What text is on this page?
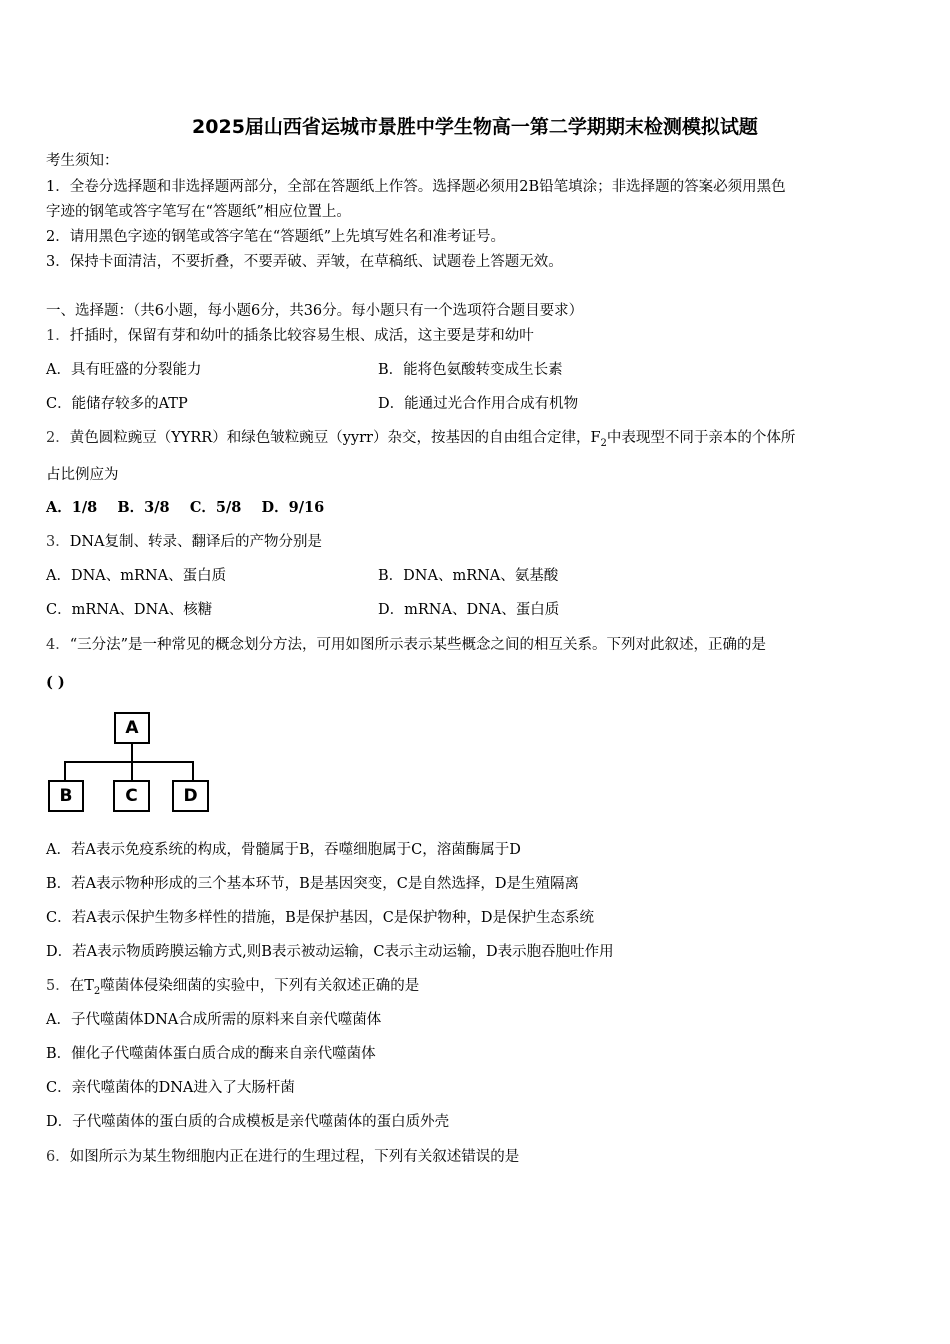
2025届山西省运城市景胜中学生物高一第二学期期末检测模拟试题
考生须知：
1．全卷分选择题和非选择题两部分，全部在答题纸上作答。选择题必须用2B铅笔填涂；非选择题的答案必须用黑色
字迹的钢笔或答字笔写在“答题纸”相应位置上。
2．请用黑色字迹的钢笔或答字笔在“答题纸”上先填写姓名和准考证号。
3．保持卡面清洁，不要折叠，不要弄破、弄皱，在草稿纸、试题卷上答题无效。
一、选择题：（共6小题，每小题6分，共36分。每小题只有一个选项符合题目要求）
1．扦插时，保留有芽和幼叶的插条比较容易生根、成活，这主要是芽和幼叶
A．具有旺盛的分裂能力	B．能将色氨酸转变成生长素
C．能储存较多的ATP	D．能通过光合作用合成有机物
2．黄色圆粒豌豆（YYRR）和绿色皱粒豌豆（yyrr）杂交，按基因的自由组合定律，$F_2$中表现型不同于亲本的个体所
占比例应为
A．1/8    B．3/8    C．5/8    D．9/16
3．DNA复制、转录、翻译后的产物分别是
A．DNA、mRNA、蛋白质	B．DNA、mRNA、氨基酸
C．mRNA、DNA、核糖	D．mRNA、DNA、蛋白质
4．“三分法”是一种常见的概念划分方法，可用如图所示表示某些概念之间的相互关系。下列对此叙述，正确的是
( )
A
B	C	D
A．若A表示免疫系统的构成，骨髓属于B，吞噬细胞属于C，溶菌酶属于D
B．若A表示物种形成的三个基本环节，B是基因突变，C是自然选择，D是生殖隔离
C．若A表示保护生物多样性的措施，B是保护基因，C是保护物种，D是保护生态系统
D．若A表示物质跨膜运输方式,则B表示被动运输，C表示主动运输，D表示胞吞胞吐作用
5．在$T_2$噬菌体侵染细菌的实验中，下列有关叙述正确的是
A．子代噬菌体DNA合成所需的原料来自亲代噬菌体
B．催化子代噬菌体蛋白质合成的酶来自亲代噬菌体
C．亲代噬菌体的DNA进入了大肠杆菌
D．子代噬菌体的蛋白质的合成模板是亲代噬菌体的蛋白质外壳
6．如图所示为某生物细胞内正在进行的生理过程，下列有关叙述错误的是
